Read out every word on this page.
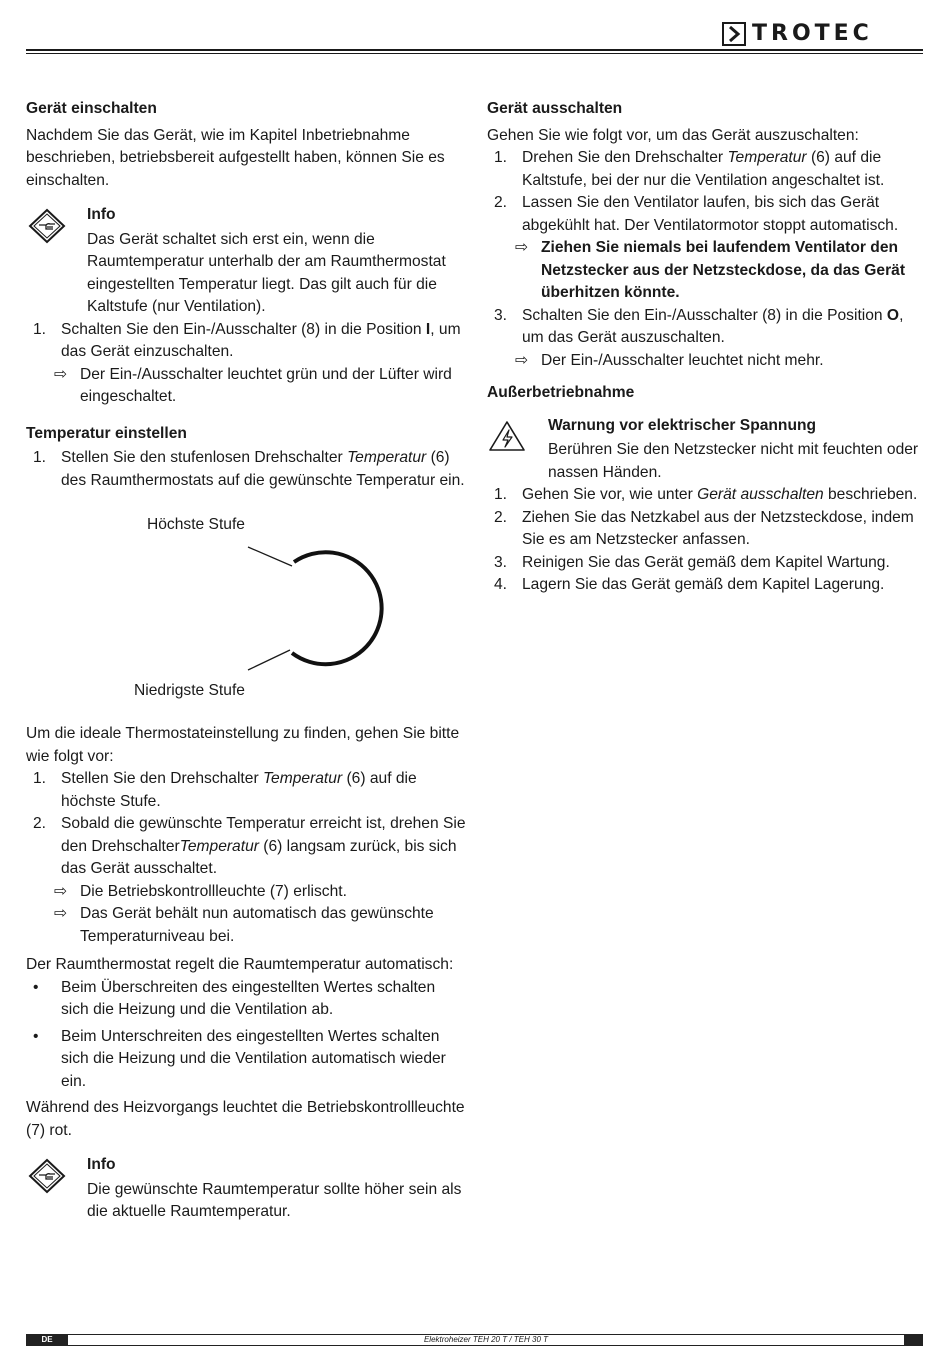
TROTEC
Gerät einschalten

Nachdem Sie das Gerät, wie im Kapitel Inbetriebnahme beschrieben, betriebsbereit aufgestellt haben, können Sie es einschalten.

Info

Das Gerät schaltet sich erst ein, wenn die Raumtemperatur unterhalb der am Raumthermostat eingestellten Temperatur liegt. Das gilt auch für die Kaltstufe (nur Ventilation).

1. Schalten Sie den Ein-/Ausschalter (8) in die Position I, um das Gerät einzuschalten.
⇨ Der Ein-/Ausschalter leuchtet grün und der Lüfter wird eingeschaltet.
Temperatur einstellen
1. Stellen Sie den stufenlosen Drehschalter Temperatur (6) des Raumthermostats auf die gewünschte Temperatur ein.
Höchste Stufe
Niedrigste Stufe

Um die ideale Thermostateinstellung zu finden, gehen Sie bitte wie folgt vor:

1. Stellen Sie den Drehschalter Temperatur (6) auf die höchste Stufe.
2. Sobald die gewünschte Temperatur erreicht ist, drehen Sie den DrehschalterTemperatur (6) langsam zurück, bis sich das Gerät ausschaltet.
⇨ Die Betriebskontrollleuchte (7) erlischt.
⇨ Das Gerät behält nun automatisch das gewünschte Temperaturniveau bei.

Der Raumthermostat regelt die Raumtemperatur automatisch:

•	Beim Überschreiten des eingestellten Wertes schalten sich die Heizung und die Ventilation ab.
•	Beim Unterschreiten des eingestellten Wertes schalten sich die Heizung und die Ventilation automatisch wieder ein.

Während des Heizvorgangs leuchtet die Betriebskontrollleuchte (7) rot.

Info

Die gewünschte Raumtemperatur sollte höher sein als die aktuelle Raumtemperatur.

Gerät ausschalten

Gehen Sie wie folgt vor, um das Gerät auszuschalten:

1. Drehen Sie den Drehschalter Temperatur (6) auf die Kaltstufe, bei der nur die Ventilation angeschaltet ist.
2. Lassen Sie den Ventilator laufen, bis sich das Gerät abgekühlt hat. Der Ventilatormotor stoppt automatisch.
⇨ Ziehen Sie niemals bei laufendem Ventilator den Netzstecker aus der Netzsteckdose, da das Gerät überhitzen könnte.
3. Schalten Sie den Ein-/Ausschalter (8) in die Position O, um das Gerät auszuschalten.
⇨ Der Ein-/Ausschalter leuchtet nicht mehr.
Außerbetriebnahme
Warnung vor elektrischer Spannung

Berühren Sie den Netzstecker nicht mit feuchten oder nassen Händen.

1. Gehen Sie vor, wie unter Gerät ausschalten beschrieben.
2. Ziehen Sie das Netzkabel aus der Netzsteckdose, indem Sie es am Netzstecker anfassen.
3. Reinigen Sie das Gerät gemäß dem Kapitel Wartung.
4. Lagern Sie das Gerät gemäß dem Kapitel Lagerung.
DE	Elektroheizer TEH 20 T / TEH 30 T	7
